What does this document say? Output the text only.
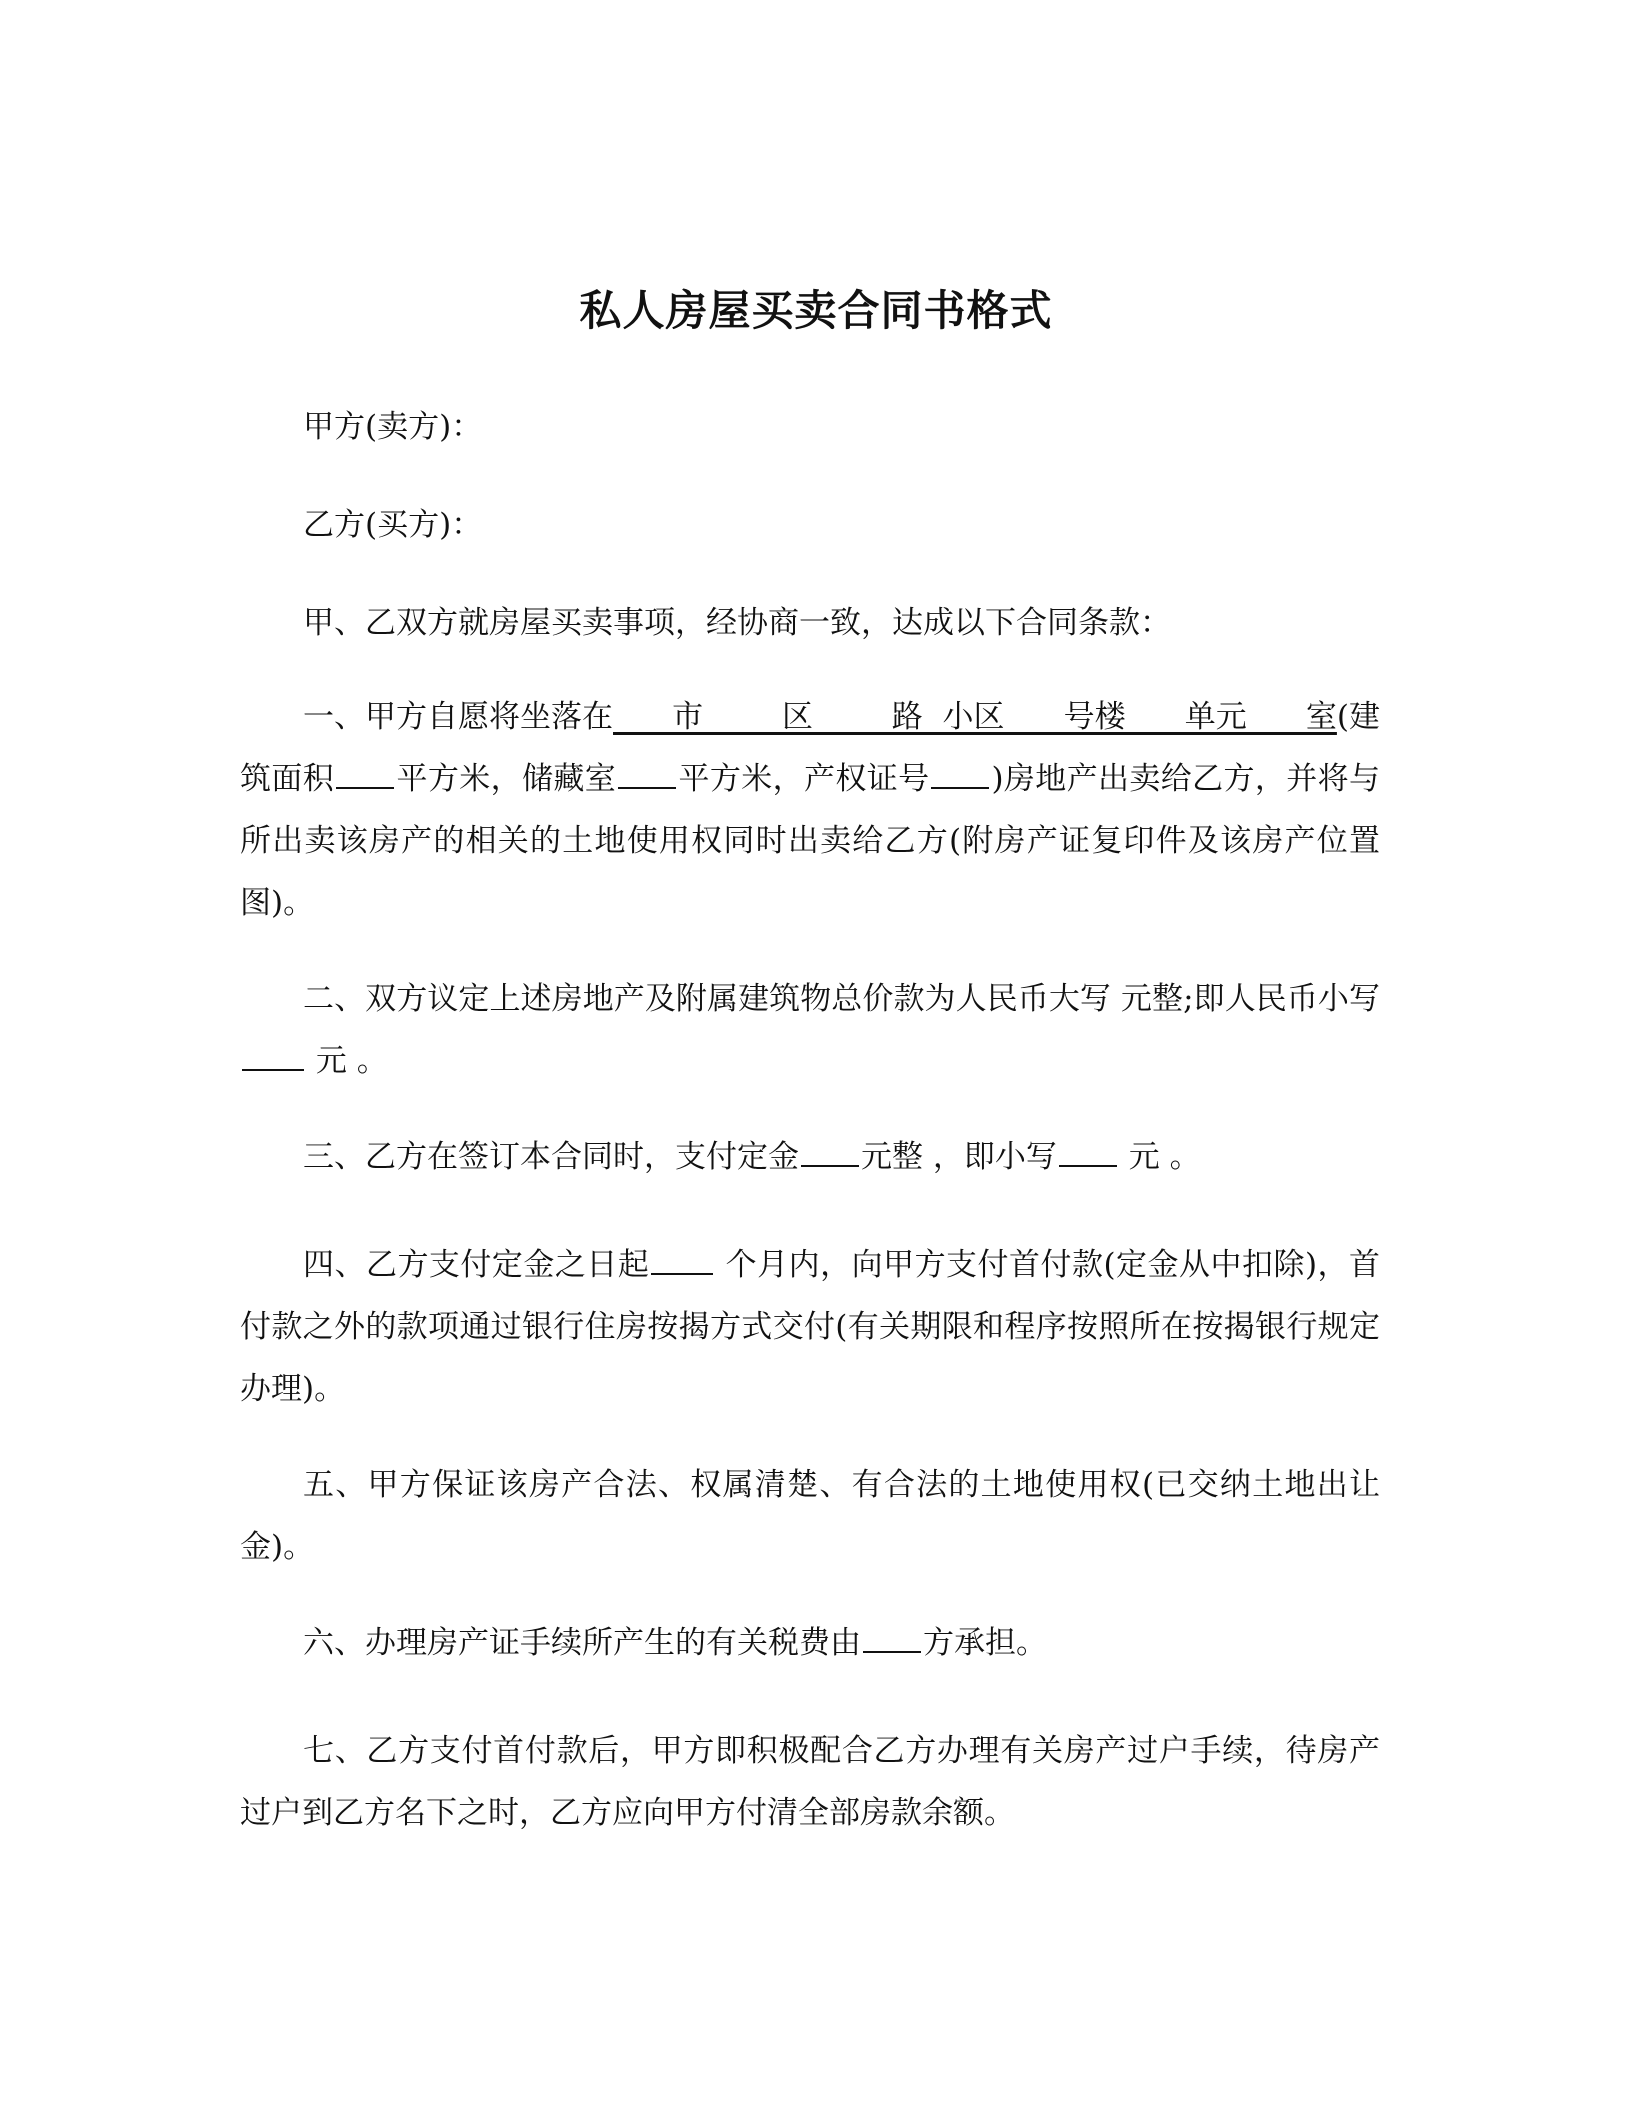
私人房屋买卖合同书格式
甲方(卖方)：
乙方(买方)：
甲、乙双方就房屋买卖事项，经协商一致，达成以下合同条款：
一、甲方自愿将坐落在      市        区        路  小区      号楼      单元      室(建筑面积 平方米，储藏室 平方米，产权证号 )房地产出卖给乙方，并将与所出卖该房产的相关的土地使用权同时出卖给乙方(附房产证复印件及该房产位置图)。
二、双方议定上述房地产及附属建筑物总价款为人民币大写 元整;即人民币小写 元 。
三、乙方在签订本合同时，支付定金 元整 ，即小写 元 。
四、乙方支付定金之日起 个月内，向甲方支付首付款(定金从中扣除)，首付款之外的款项通过银行住房按揭方式交付(有关期限和程序按照所在按揭银行规定办理)。
五、甲方保证该房产合法、权属清楚、有合法的土地使用权(已交纳土地出让金)。
六、办理房产证手续所产生的有关税费由 方承担。
七、乙方支付首付款后，甲方即积极配合乙方办理有关房产过户手续，待房产过户到乙方名下之时，乙方应向甲方付清全部房款余额。
